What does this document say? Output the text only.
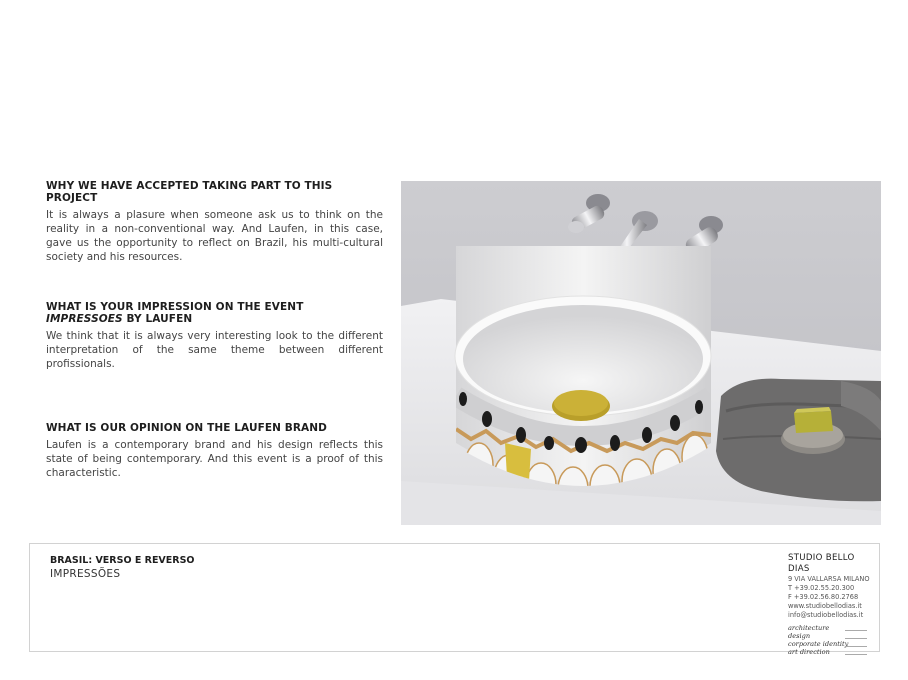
WHY WE HAVE ACCEPTED TAKING PART TO THIS PROJECT

It is always a plasure when someone ask us to think on the reality in a non-conventional way. And Laufen, in this case, gave us the opportunity to reflect on Brazil, his multi-cultural society and his resources.

WHAT IS YOUR IMPRESSION ON THE EVENT IMPRESSOES BY LAUFEN

We think that it is always very interesting look to the different interpretation of the same theme between different profissionals.

WHAT IS OUR OPINION ON THE LAUFEN BRAND

Laufen is a contemporary brand and his design reflects this state of being contemporary. And this event is a proof of this characteristic.

BRASIL: VERSO E REVERSO
IMPRESSÕES
STUDIO BELLO DIAS
9 VIA VALLARSA MILANO
T +39.02.55.20.300
F +39.02.56.80.2768
www.studiobellodias.it
info@studiobellodias.it
architecture
design
corporate identity
art direction
